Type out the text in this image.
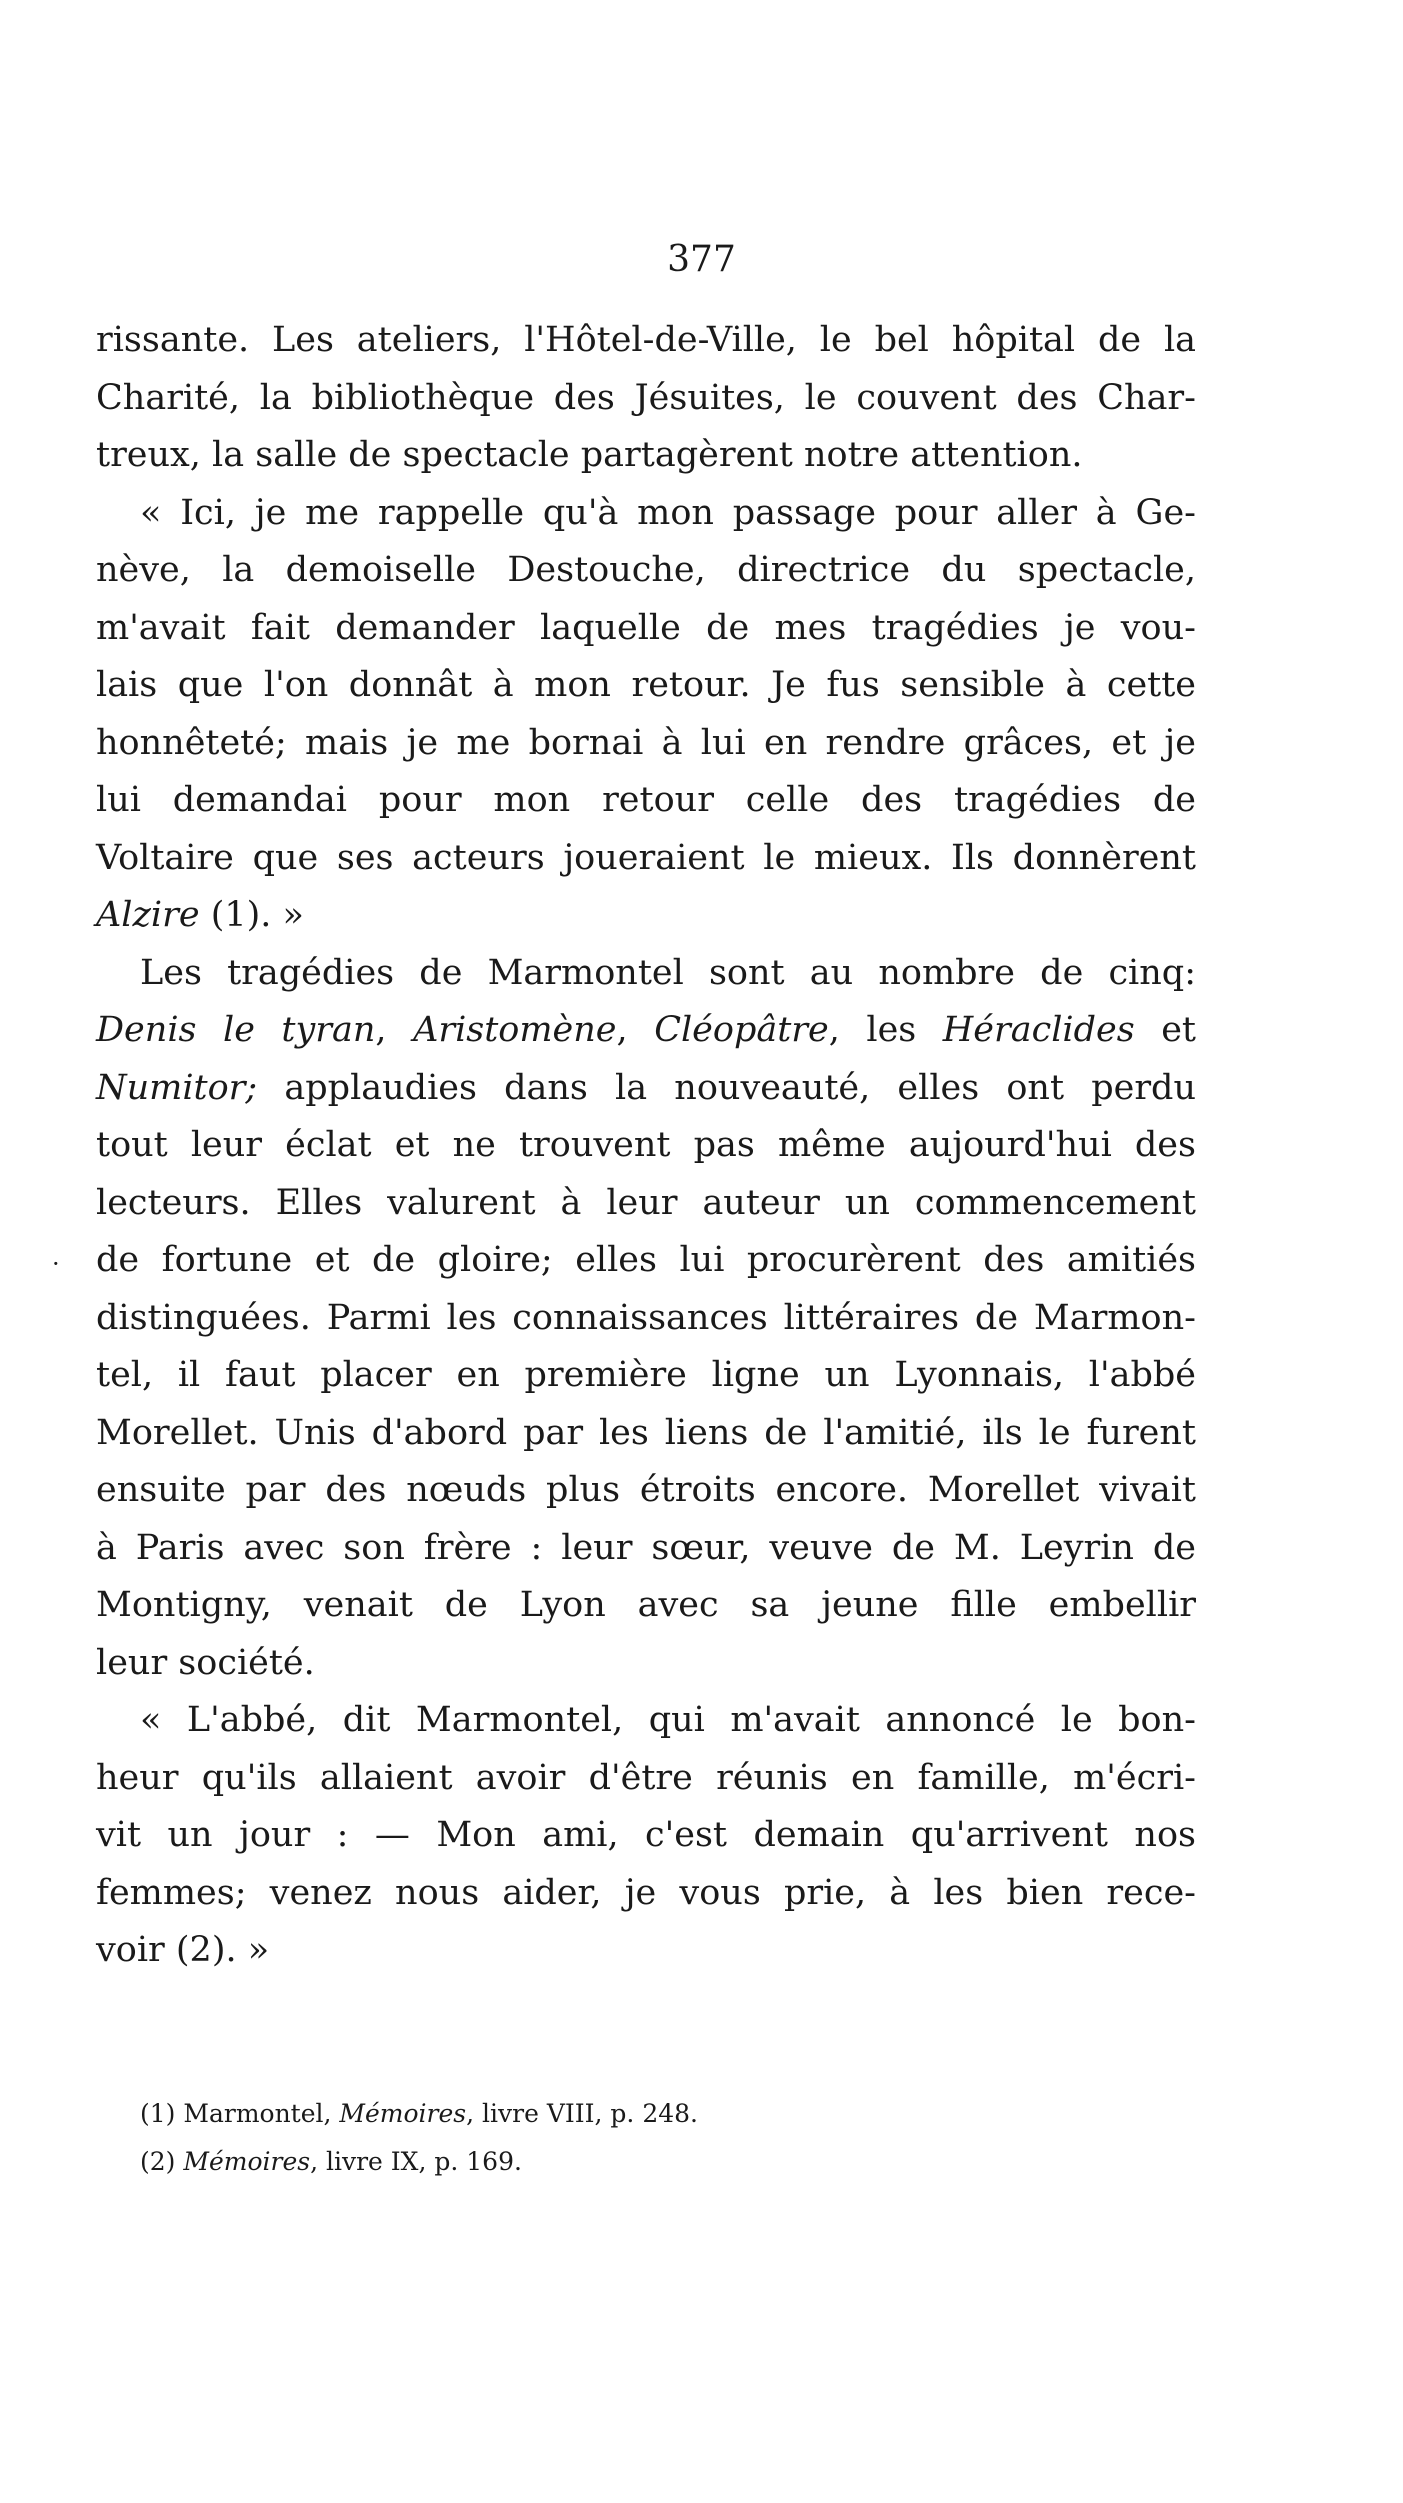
377
rissante. Les ateliers, l'Hôtel-de-Ville, le bel hôpital de la
Charité, la bibliothèque des Jésuites, le couvent des Char-
treux, la salle de spectacle partagèrent notre attention.
« Ici, je me rappelle qu'à mon passage pour aller à Ge-
nève, la demoiselle Destouche, directrice du spectacle,
m'avait fait demander laquelle de mes tragédies je vou-
lais que l'on donnât à mon retour. Je fus sensible à cette
honnêteté; mais je me bornai à lui en rendre grâces, et je
lui demandai pour mon retour celle des tragédies de
Voltaire que ses acteurs joueraient le mieux. Ils donnèrent
Alzire (1). »
Les tragédies de Marmontel sont au nombre de cinq:
Denis le tyran, Aristomène, Cléopâtre, les Héraclides et
Numitor; applaudies dans la nouveauté, elles ont perdu
tout leur éclat et ne trouvent pas même aujourd'hui des
lecteurs. Elles valurent à leur auteur un commencement
de fortune et de gloire; elles lui procurèrent des amitiés
distinguées. Parmi les connaissances littéraires de Marmon-
tel, il faut placer en première ligne un Lyonnais, l'abbé
Morellet. Unis d'abord par les liens de l'amitié, ils le furent
ensuite par des nœuds plus étroits encore. Morellet vivait
à Paris avec son frère : leur sœur, veuve de M. Leyrin de
Montigny, venait de Lyon avec sa jeune fille embellir
leur société.
« L'abbé, dit Marmontel, qui m'avait annoncé le bon-
heur qu'ils allaient avoir d'être réunis en famille, m'écri-
vit un jour : — Mon ami, c'est demain qu'arrivent nos
femmes; venez nous aider, je vous prie, à les bien rece-
voir (2). »
·
(1) Marmontel, Mémoires, livre VIII, p. 248.
(2) Mémoires, livre IX, p. 169.
